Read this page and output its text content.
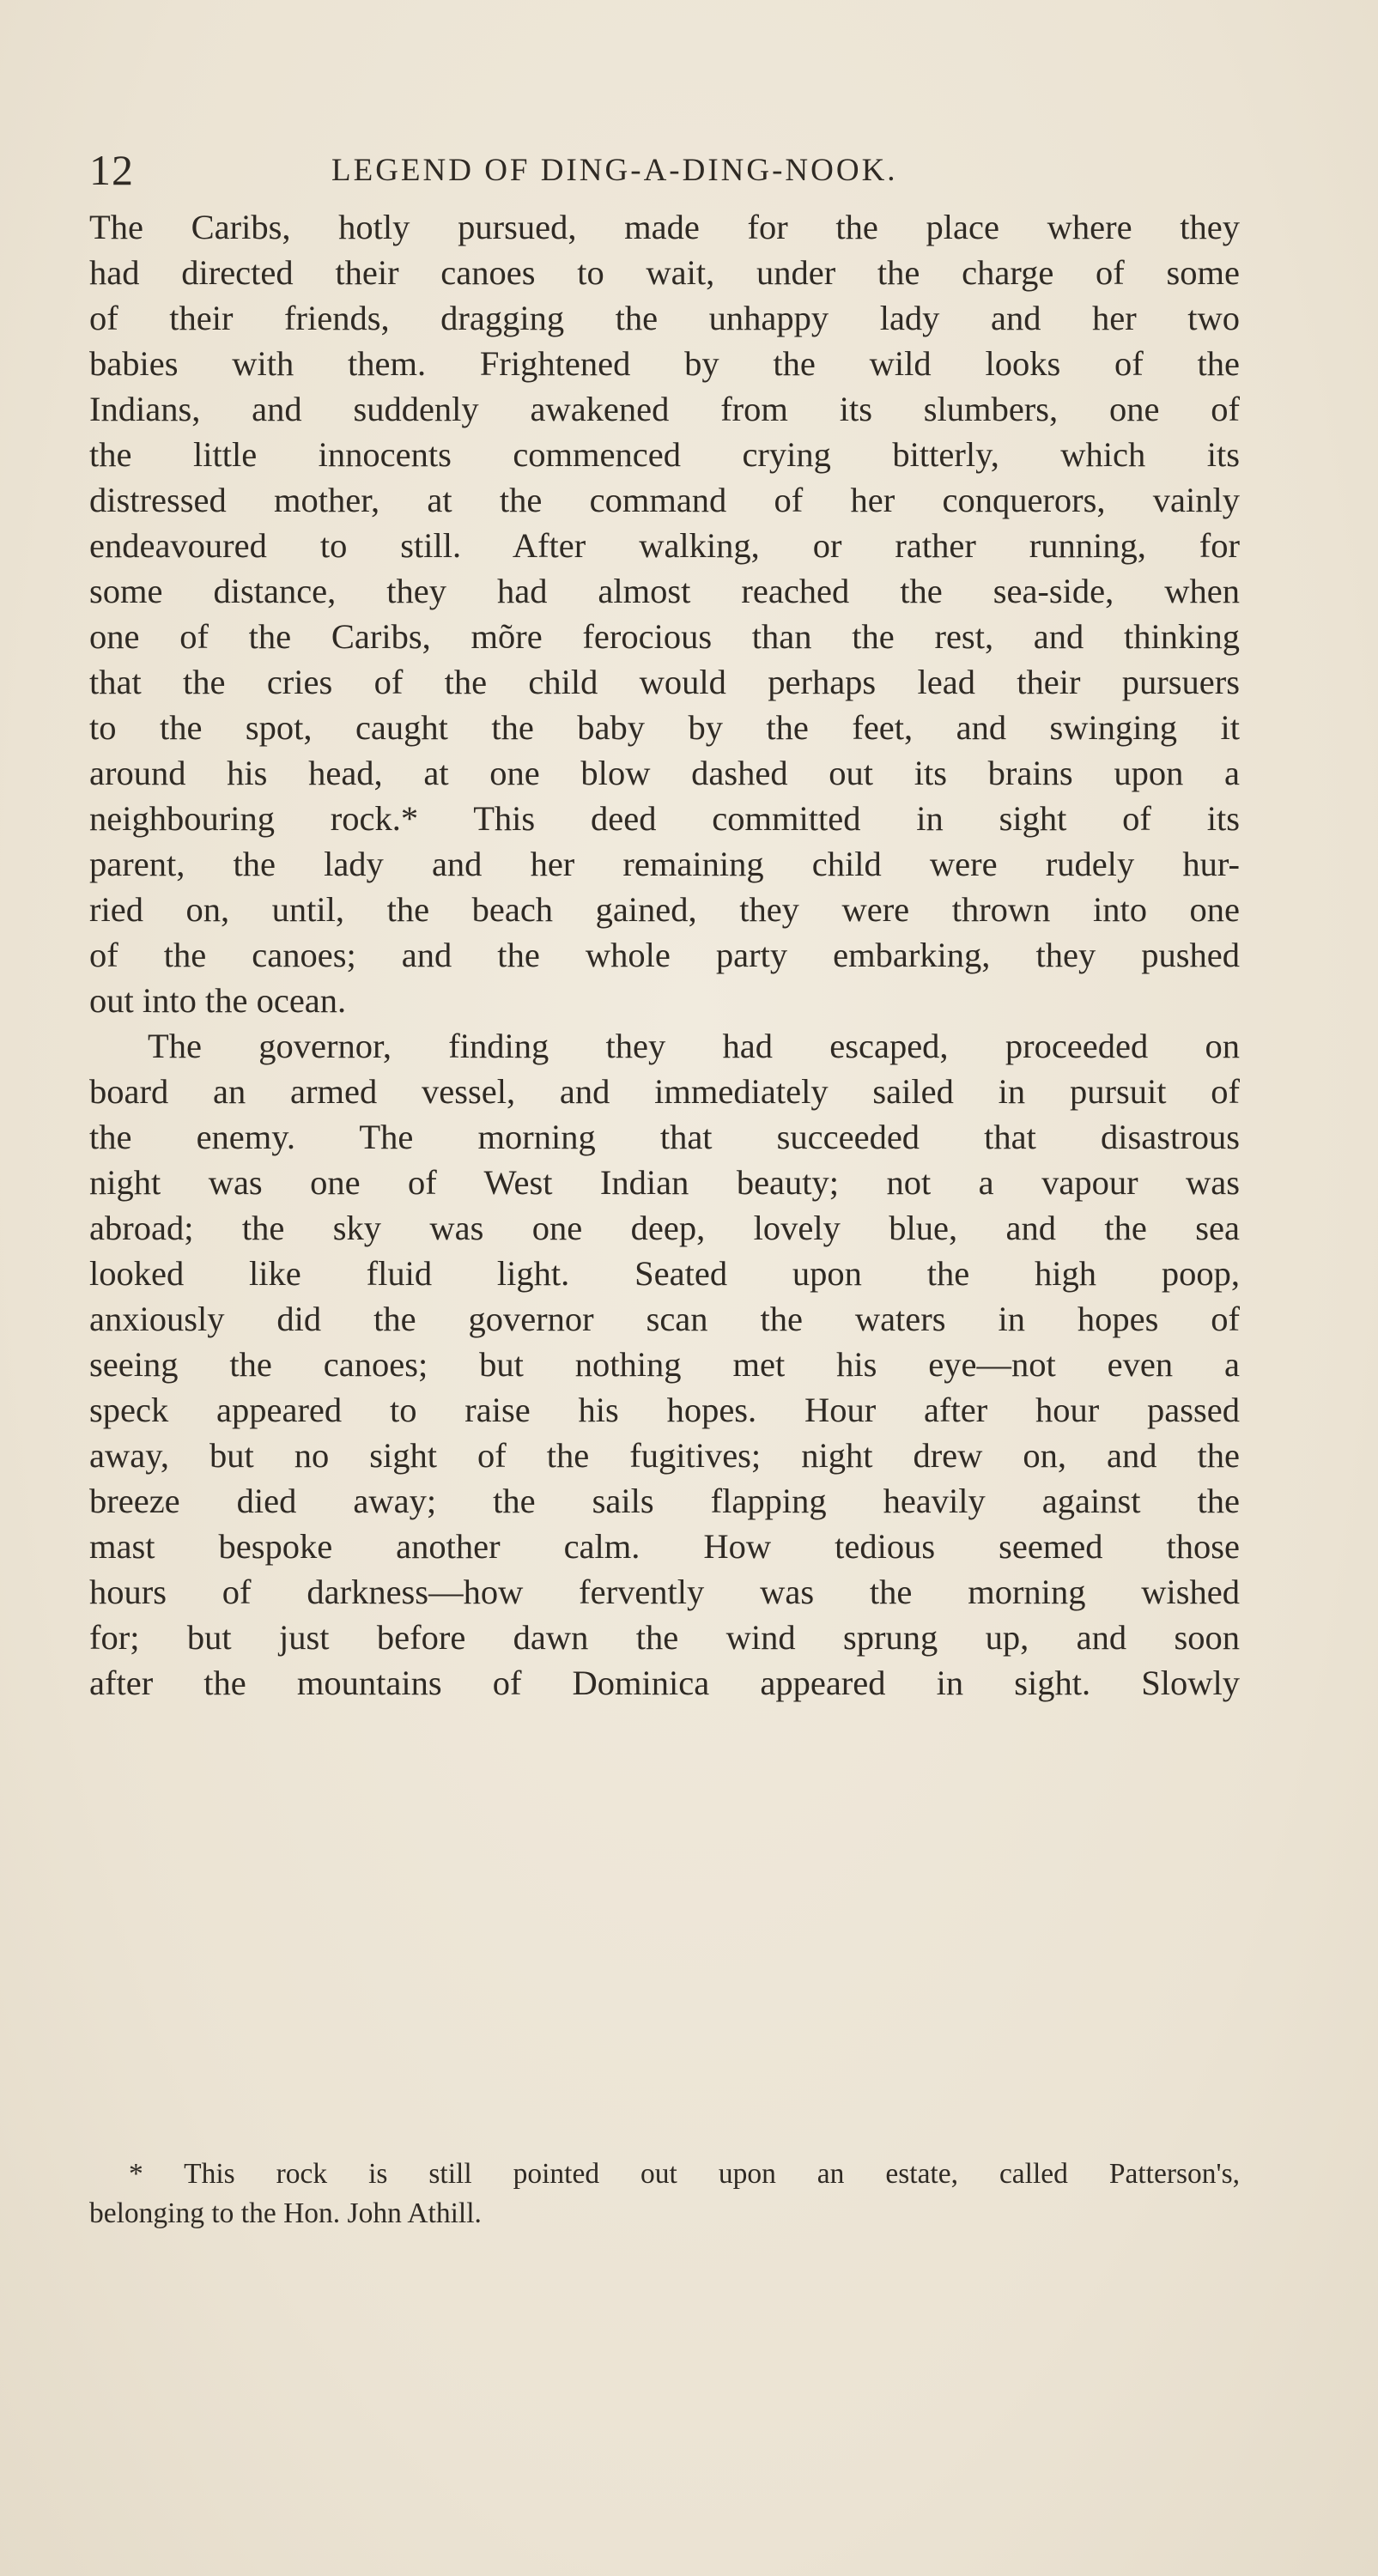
12	LEGEND OF DING-A-DING-NOOK.
The Caribs, hotly pursued, made for the place where they
had directed their canoes to wait, under the charge of some
of their friends, dragging the unhappy lady and her two
babies with them. Frightened by the wild looks of the
Indians, and suddenly awakened from its slumbers, one of
the little innocents commenced crying bitterly, which its
distressed mother, at the command of her conquerors, vainly
endeavoured to still. After walking, or rather running, for
some distance, they had almost reached the sea-side, when
one of the Caribs, mõre ferocious than the rest, and thinking
that the cries of the child would perhaps lead their pursuers
to the spot, caught the baby by the feet, and swinging it
around his head, at one blow dashed out its brains upon a
neighbouring rock.* This deed committed in sight of its
parent, the lady and her remaining child were rudely hur-
ried on, until, the beach gained, they were thrown into one
of the canoes; and the whole party embarking, they pushed
out into the ocean.
The governor, finding they had escaped, proceeded on
board an armed vessel, and immediately sailed in pursuit of
the enemy. The morning that succeeded that disastrous
night was one of West Indian beauty; not a vapour was
abroad; the sky was one deep, lovely blue, and the sea
looked like fluid light. Seated upon the high poop,
anxiously did the governor scan the waters in hopes of
seeing the canoes; but nothing met his eye—not even a
speck appeared to raise his hopes. Hour after hour passed
away, but no sight of the fugitives; night drew on, and the
breeze died away; the sails flapping heavily against the
mast bespoke another calm. How tedious seemed those
hours of darkness—how fervently was the morning wished
for; but just before dawn the wind sprung up, and soon
after the mountains of Dominica appeared in sight. Slowly
* This rock is still pointed out upon an estate, called Patterson's,
belonging to the Hon. John Athill.
